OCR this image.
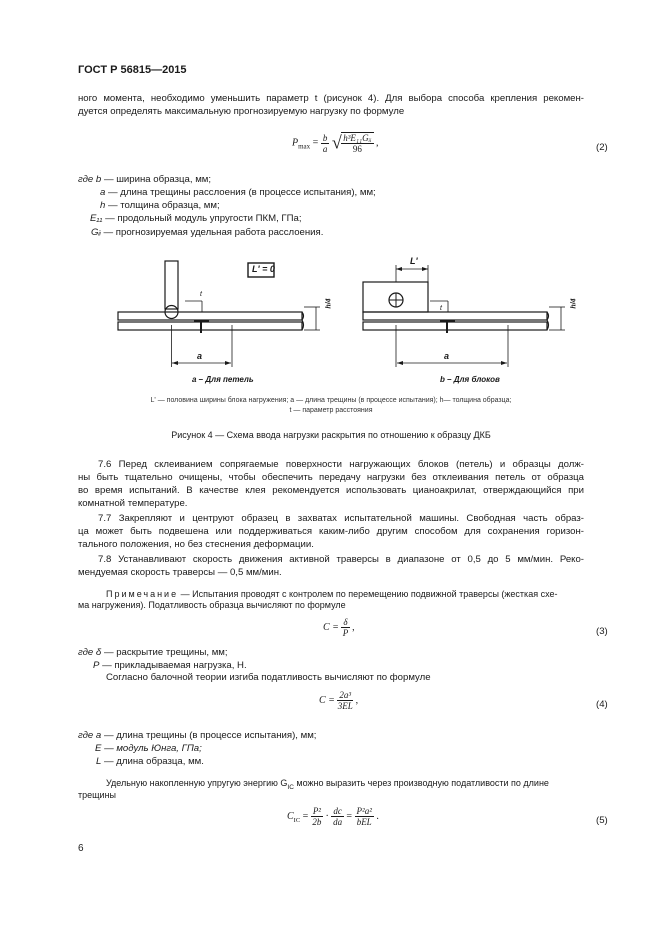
ГОСТ Р 56815—2015
ного момента, необходимо уменьшить параметр t (рисунок 4). Для выбора способа крепления рекомен-
дуется определять максимальную прогнозируемую нагрузку по формуле
$P_{max} = \frac{b}{a}$ √ $\frac{\text{h³E₁₁Gᵢᵢ}}{96}$ ,	(2)
где b — ширина образца, мм;
a — длина трещины расслоения (в процессе испытания), мм;
h — толщина образца, мм;
E₁₁ — продольный модуль упругости ПКМ, ГПа;
Gᵢᵢ — прогнозируемая удельная работа расслоения.
L' = 0
a
h/4
t
a – Для петель
L'
a
h/4
t
b – Для блоков
L' — половина ширины блока нагружения; a — длина трещины (в процессе испытания); h— толщина образца;
t — параметр расстояния
Рисунок 4 — Схема ввода нагрузки раскрытия по отношению к образцу ДКБ
7.6 Перед склеиванием сопрягаемые поверхности нагружающих блоков (петель) и образцы долж-
ны быть тщательно очищены, чтобы обеспечить передачу нагрузки без отклеивания петель от образца
во время испытаний. В качестве клея рекомендуется использовать цианоакрилат, отверждающийся при
комнатной температуре.
7.7 Закрепляют и центруют образец в захватах испытательной машины. Свободная часть образ-
ца может быть подвешена или поддерживаться каким-либо другим способом для сохранения горизон-
тального положения, но без стеснения деформации.
7.8 Устанавливают скорость движения активной траверсы в диапазоне от 0,5 до 5 мм/мин. Реко-
мендуемая скорость траверсы — 0,5 мм/мин.
Примечание — Испытания проводят с контролем по перемещению подвижной траверсы (жесткая схе-
ма нагружения). Податливость образца вычисляют по формуле
$C = \frac{\delta}{P}$ ,	(3)
где δ — раскрытие трещины, мм;
P — прикладываемая нагрузка, Н.
Согласно балочной теории изгиба податливость вычисляют по формуле
$C = \frac{\text{2a³}}{3EL}$ ,	(4)
где a — длина трещины (в процессе испытания), мм;
E — модуль Юнга, ГПа;
L — длина образца, мм.
Удельную накопленную упругую энергию $G_{IC}$ можно выразить через производную податливости по длине
трещины
$C_{IC} = \frac{\text{P²}}{2b} \cdot \frac{dc}{da} = \frac{\text{P²a²}}{\text{bEL}}$ .	(5)
6
